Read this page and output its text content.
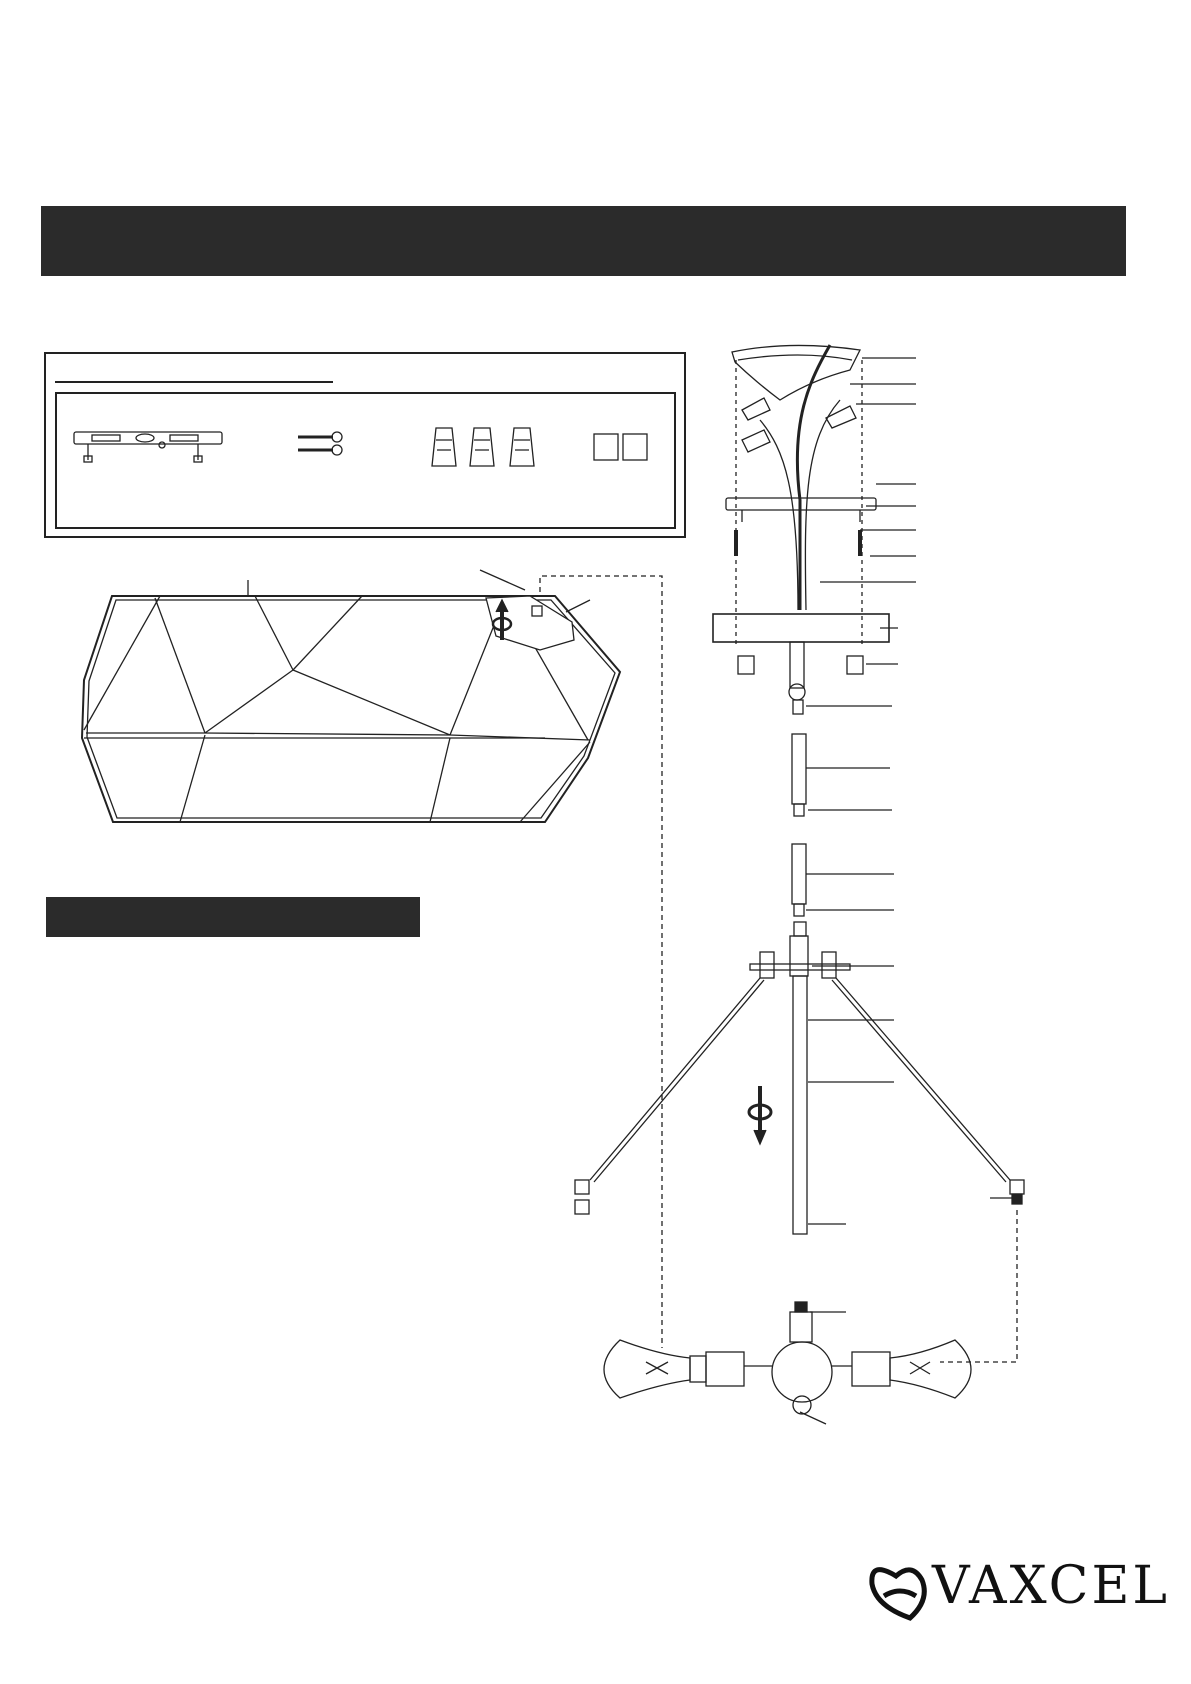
VAXCEL
